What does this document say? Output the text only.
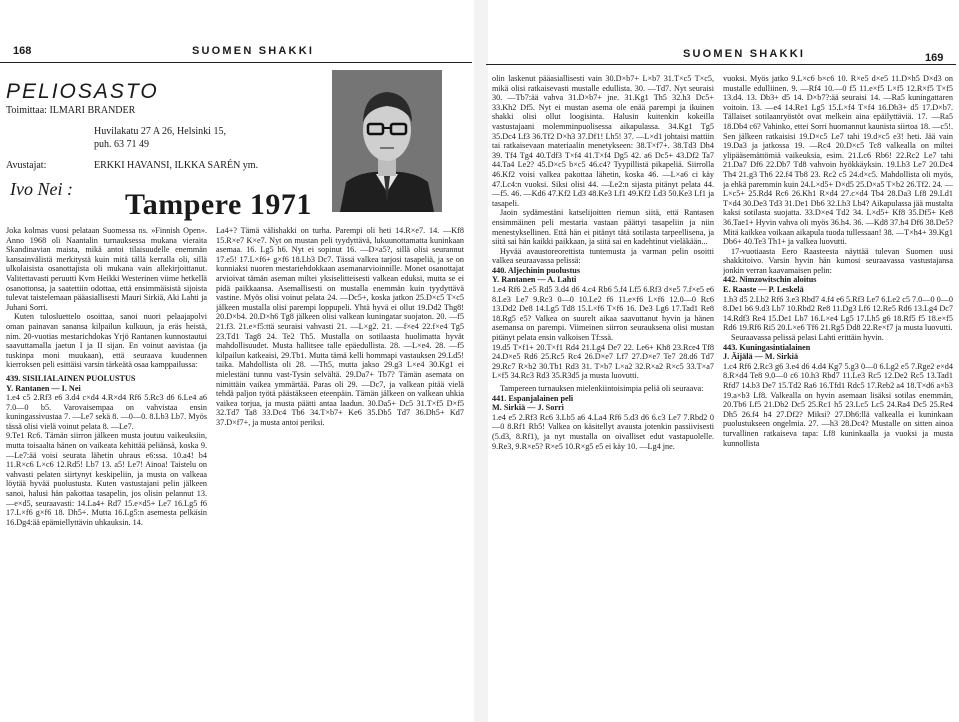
168	SUOMEN SHAKKI
PELIOSASTO
Toimittaa: ILMARI BRANDER
Huvilakatu 27 A 26, Helsinki 15,
puh. 63 71 49
Avustajat:	ERKKI HAVANSI, ILKKA SARÉN ym.
Ivo Nei : Tampere 1971

Joka kolmas vuosi pelataan Suomessa ns. »Finnish Open». Anno 1968 oli Naantalin turnauksessa mukana vieraita Skandinavian maista, mikä antoi tilaisuudelle enemmän kansainvälistä merkitystä kuin mitä tällä kerralla oli, sillä ulkolaisista osanottajista oli mukana vain allekirjoittanut. Valitettavasti peruutti Kvm Heikki Westerinen viime hetkellä osanottonsa, ja saatettiin odottaa, että ensimmäisistä sijoista tulevat taistelemaan pääasiallisesti Mauri Sirkiä, Aki Lahti ja Juhani Sorri.

Kuten tulosluettelo osoittaa, sanoi nuori pelaajapolvi oman painavan sanansa kilpailun kulkuun, ja eräs heistä, nim. 20-vuotias mestarichdokas Yrjö Rantanen kunnostautui saavuttamalla jaetun I ja II sijan. En voinut aavistaa (ja tuskinpa moni muukaan), että seuraava kuudennen kierroksen peli esittäisi varsin tärkeätä osaa kamppailussa:

439. SISILIALAINEN PUOLUSTUS

Y. Rantanen — I. Nei

1.e4 c5 2.Rf3 e6 3.d4 c×d4 4.R×d4 Rf6 5.Rc3 d6 6.Le4 a6 7.0—0 b5. Varovaisempaa on vahvistaa ensin kuningassivustaa 7. —Le7 sekä 8. —0—0. 8.Lb3 Lb7. Myös tässä olisi vielä voinut pelata 8. —Le7.

9.Te1 Rc6. Tämän siirron jälkeen musta joutuu vaikeuksiin, mutta toisaalta hänen on vaikeata kehittää peliänsä, koska 9. —Le7:ää voisi seurata lähetin uhraus e6:ssa. 10.a4! b4 11.R×c6 L×c6 12.Rd5! Lb7 13. a5! Le7! Ainoa! Taistelu on vahvasti pelaten siirtynyt keskipeliin, ja musta on valkeaa löytää hyvää puolustusta. Kuten vastustajani pelin jälkeen sanoi, halusi hän pakottaa tasapelin, jos olisin pelannut 13. —e×d5, seuraavasti: 14.La4+ Rd7 15.e×d5+ Le7 16.Lg5 f6 17.L×f6 g×f6 18. Dh5+. Mutta 16.Lg5:n asemesta pelkäsin 16.Dg4:ää epämiellyttävin uhkauksin. 14.

La4+? Tämä välishakki on turha. Parempi oli heti 14.R×e7. 14. —Kf8 15.R×e7 K×e7. Nyt on mustan peli tyydyttävä, lukuunottamatta kuninkaan asemaa. 16. Lg5 h6. Nyt ei sopinut 16. —D×a5?, sillä olisi seurannut 17.e5! 17.L×f6+ g×f6 18.Lb3 Dc7. Tässä valkea tarjosi tasapeliä, ja se on kunniaksi nuoren mestariehdokkaan asemanarvioinnille. Monet osanottajat arvioivat tämän aseman miltei yksiselitteisesti valkean eduksi, mutta se ei pidä paikkaansa. Asemallisesti on mustalla enemmän kuin tyydyttävä vastine. Myös olisi voinut pelata 24. —Dc5+, koska jatkon 25.D×c5 T×c5 jälkeen mustalla olisi parempi loppupeli. Yhtä hyvä ei ollut 19.Dd2 Thg8! 20.D×b4. 20.D×h6 Tg8 jälkeen olisi valkean kuningatar suojaton. 20. —f5 21.f3. 21.e×f5:ttä seuraisi vahvasti 21. —L×g2. 21. —f×e4 22.f×e4 Tg5 23.Td1 Tag8 24. Te2 Th5. Mustalla on sotilaasta huolimatta hyvät mahdollisuudet. Musta hallitsee talle epäedullista. 28. —L×e4. 28. —f5 kilpailun katkeaisi, 29.Tb1. Mutta tämä kelli hommapi vastauksen 29.Ld5! taika. Mahdollista oli 28. —Th5, mutta jakso 29.g3 L×e4 30.Kg1 ei mielestäni tunnu vast-Tysin selvältä. 29.Da7+ Tb7? Tämän asemata on nimittäin vaikea ymmärtää. Paras oli 29. —Dc7, ja valkean pitää vielä tehdä paljon työtä päästäkseen eteenpäin. Tämän jälkeen on valkean uhkia vaikea torjua, ja musta päätti antaa laadun. 30.Da5+ Dc5 31.T×f5 D×f5 32.Td7 Ta8 33.Dc4 Tb6 34.T×b7+ Ke6 35.Db5 Td7 36.Dh5+ Kd7 37.D×f7+, ja musta antoi periksi.

SUOMEN SHAKKI	169

olin laskenut pääasiallisesti vain 30.D×b7+ L×b7 31.T×c5 T×c5, mikä olisi ratkaisevasti mustalle edullista. 30. —Td7. Nyt seuraisi 30. —Tb7:ää vahva 31.D×b7+ jne. 31.Kg1 Th5 32.h3 Dc5+ 33.Kh2 Df5. Nyt ei mustan asema ole enää parempi ja ikuinen shakki olisi ollut loogisinta. Halusin kuitenkin kokeilla vastustajaani molemminpuolisessa aikapulassa. 34.Kg1 Tg5 35.Dc4 Lf3 36.Tf2 D×h3 37.Df1! Lh5! 37. —L×d1 johtaisi mattiin tai ratkaisevaan materiaalin menetykseen: 38.T×f7+. 38.Td3 Dh4 39. Tf4 Tg4 40.Tdf3 T×f4 41.T×f4 Dg5 42. a6 Dc5+ 43.Df2 Ta7 44.Ta4 Le2? 45.D×c5 b×c5 46.c4? Tyypillistä pikapeliä. Siirrolla 46.Kf2 voisi valkea pakottaa lähetin, koska 46. —L×a6 ci käy 47.Lc4:n vuoksi. Siksi olisi 44. —Le2:n sijasta pitänyt pelata 44. —f5. 46. —Kd6 47.Kf2 Ld3 48.Ke3 Lf1 49.Kf2 Ld3 50.Ke3 Lf1 ja tasapeli.

Jaoin sydämestäni katselijoitten riemun siitä, että Rantasen ensimmäinen peli mestaria vastaan päättyi tasapeliin ja niin menestyksellinen. Että hän ei pitänyt tätä sotilasta tarpeellisena, ja siitä sai hän kaikki paikkaan, ja siitä sai en kadehtinut vieläkään...

Hyvää avaustoreorettista tuntemusta ja varman pelin osoitti valkea seuraavassa pelissä:

440. Aljechinin puolustus

Y. Rantanen — A. Lahti

1.e4 Rf6 2.e5 Rd5 3.d4 d6 4.c4 Rb6 5.f4 Lf5 6.Rf3 d×e5 7.f×e5 e6 8.Le3 Le7 9.Rc3 0—0 10.Le2 f6 11.e×f6 L×f6 12.0—0 Rc6 13.Dd2 De8 14.Lg5 Td8 15.L×f6 T×f6 16. De3 Lg6 17.Tad1 Re8 18.Rg5 e5? Valkea on suurelt aikaa saavuttanut hyvin ja hänen asemansa on parempi. Viimeinen siirron seurauksena olisi mustan pitänyt pelata ensin valkoisen Tf:ssä.

19.d5 T×f1+ 20.T×f1 Rd4 21.Lg4 De7 22. Le6+ Kh8 23.Rce4 Tf8 24.D×e5 Rd6 25.Rc5 Rc4 26.D×e7 Lf7 27.D×e7 Te7 28.d6 Td7 29.Rc7 R×b2 30.Tb1 Rd3 31. T×b7 L×a2 32.R×a2 R×c5 33.T×a7 L×f5 34.Rc3 Rd3 35.R3d5 ja musta luovutti.

Tampereen turnauksen mielenkiintoisimpia peliä oli seuraava:

441. Espanjalainen peli

M. Sirkiä — J. Sorri

1.e4 e5 2.Rf3 Rc6 3.Lb5 a6 4.La4 Rf6 5.d3 d6 6.c3 Le7 7.Rbd2 0—0 8.Rf1 Rb5! Valkea on käsitellyt avausta jotenkin passiivisesti (5.d3, 8.Rf1), ja nyt mustalla on oivalliset edut vastapuolelle. 9.Re3, 9.R×e5? R×e5 10.R×g5 e5 ei käy 10. —Lg4 jne.

vuoksi. Myös jatko 9.L×c6 b×c6 10. R×e5 d×e5 11.D×h5 D×d3 on mustalle edulliinen. 9. —Rf4 10.—0 f5 11.e×f5 L×f5 12.R×f5 T×f5 13.d4. 13. Db3+ d5 14. D×b7?:ää seuraisi 14. —Ra5 kuningattaren voitoin. 13. —e4 14.Re1 Lg5 15.L×f4 T×f4 16.Db3+ d5 17.D×b7. Tällaiset sotilaanryöstöt ovat melkein aina epäilyttäviä. 17. —Ra5 18.Db4 c6? Vahinko, ettei Sorri huomannut kaunista siirtoa 18. —c5!. Sen jälkeen ratkaisisi 19.D×c5 Le7 tahi 19.d×c5 e3! heti. Jää vain 19.Da3 ja jatkossa 19. —Rc4 20.D×c5 Tc8 valkealla on miltei ylipääsemättömiä vaikeuksia, esim. 21.Lc6 Rb6! 22.Rc2 Le7 tahi 21.Da7 Df6 22.Db7 Td8 vahvoin hyökkäyksin. 19.Lb3 Le7 20.Dc4 Th4 21.g3 Th6 22.f4 Tb8 23. Rc2 c5 24.d×c5. Mahdollista oli myös, ja ehkä paremmin kuin 24.L×d5+ D×d5 25.D×a5 T×b2 26.Tf2. 24. —L×c5+ 25.Rd4 Rc6 26.Kh1 R×d4 27.c×d4 Tb4 28.Da3 Lf8 29.Ld1 T×d4 30.De3 Td3 31.De1 Db6 32.Lb3 Lb4? Aikapulassa jää mustalta kaksi sotilasta suojatta. 33.D×e4 Td2 34. L×d5+ Kf8 35.Df5+ Ke8 36.Tae1+ Hyvin vahva oli myös 36.h4. 36. —Kd8 37.h4 Df6 38.De5? Mitä kaikkea voikaan aikapula tuoda tullessaan! 38. —T×h4+ 39.Kg1 Db6+ 40.Te3 Th1+ ja valkea luovutti.

17-vuotiaasta Eero Raasteesta näyttää tulevan Suomen uusi shakkitoivo. Varsin hyvin hän kumosi seuraavassa vastustajansa jonkin verran kaavamaisen pelin:

442. Nimzowitschin aloitus

E. Raaste — P. Leskelä

1.b3 d5 2.Lb2 Rf6 3.e3 Rbd7 4.f4 e6 5.Rf3 Le7 6.Le2 c5 7.0—0 0—0 8.De1 b6 9.d3 Lb7 10.Rbd2 Re8 11.Dg3 Lf6 12.Re5 Rd6 13.Lg4 Dc7 14.Rdf3 Re4 15.De1 Lb7 16.L×e4 Lg5 17.Lh5 g6 18.Rf5 f5 18.e×f5 Rd6 19.Rf6 Ri5 20.L×e6 Tf6 21.Rg5 Dd8 22.Re×f7 ja musta luovutti.

Seuraavassa pelissä pelasi Lahti erittäin hyvin.

443. Kuningasintialainen

J. Äijälä — M. Sirkiä

1.c4 Rf6 2.Rc3 g6 3.e4 d6 4.d4 Kg7 5.g3 0—0 6.Lg2 e5 7.Rge2 e×d4 8.R×d4 Te8 9.0—0 c6 10.h3 Rbd7 11.Le3 Rc5 12.De2 Rc5 13.Tad1 Rfd7 14.b3 De7 15.Td2 Ra6 16.Tfd1 Rdc5 17.Reb2 a4 18.T×d6 a×b3 19.a×b3 Lf8. Valkealla on hyvin asemaan lisäksi sotilas enemmän, 20.Tb6 Lf5 21.Db2 Dc5 25.Rc1 h5 23.Lc5 Lc5 24.Ra4 Dc5 25.Re4 Dh5 26.f4 h4 27.Df2? Miksi? 27.Dh6:llä valkealla ei kuninkaan puolustukseen ongelmia. 27. —h3 28.Dc4? Mustalle on sitten ainoa turvallinen ratkaiseva tapa: Lf8 kuninkaalla ja vuoksi ja musta kunnollista
